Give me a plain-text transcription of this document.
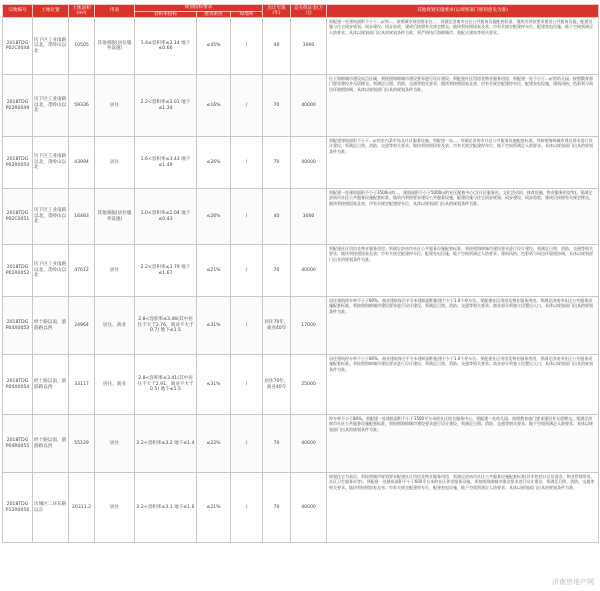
宗地编号	土地位置	土地面积(m²)	用途	规划指标要求			出让年限(年)	竞买保证金(万元)	其他规划实施要求(以规划部门规划意见为准)
				容积率指标	建筑密度	绿地率			
2018TDG P02C0048	历下区工业南路以北，茂岭山以北	10505	其他商服(居住服务设施)	1.4≤容积率≤2.14 地下≤0.66	≤45%	/	40	3000	须配建一处建筑面积不小于...㎡的...，按照城市规划要求在...，须满足济南市社区公共服务设施配套标准，地块内须按要求建设公共服务设施，配建设施与住宅同步规划、同步建设、同步验收，建成后按照有关规定移交。地块须按照国家及省、市有关规定配建停车位，配建充电设施，地下空间须满足人防要求，具体以规划部门出具的规划条件为准。须严格执行海绵城市、装配式建筑等相关要求。
2018TDG P02R0049	历下区工业南路以北，茂岭山以北	59336	居住	2.2<容积率≤3.01 地下≤1.34	≤16%	/	70	40000	位于海绵城市建设试点区域，须按照海绵城市建设要求进行设计建设。须配建社区用房及物业服务用房，须配建一处不小于...㎡的幼儿园，按照教育部门要求建设并无偿移交。须满足日照、消防、交通等相关要求，地块须按照国家及省、市有关规定配建停车位，配建充电设施。建筑风格、色彩须与周边环境相协调，具体以规划部门出具的规划条件为准。
2018TDG P02R0050	历下区工业南路以北，茂岭山以北	43994	居住	1.6<容积率≤3.43 地下≤1.49	≤26%	/	70	40000	须配建建筑面积不小于...㎡的室内菜市场及社区服务设施，须配建一处...，须满足济南市社区公共服务设施配套标准。须按照海绵城市建设要求进行设计建设，须满足日照、消防、交通等相关要求，地块须按照国家及省、市有关规定配建停车位，地下空间须满足人防要求。具体以规划部门出具的规划条件为准。
2018TDG P02C0051	历下区工业南路以北，茂岭山以北	16483	其他商服(居住服务设施)	1.0<容积率≤1.04 地下≤0.43	≤26%	/	40	3000	须配建一处建筑面积不小于3500㎡的...，建筑面积不小于5000㎡的社区配套中心(含社区服务站、文化活动站、体育设施、物业服务用房等)。须满足济南市社区公共服务设施配套标准，地块内须按要求建设公共服务设施，配建设施与住宅同步规划、同步建设、同步验收，建成后按照有关规定移交。地块须按照国家及省、市有关规定配建停车位，具体以规划部门出具的规划条件为准。
2018TDG P02R0052	历下区工业南路以北，茂岭山以北	47612	居住	2.2<容积率≤3.79 地下≤1.67	≤21%	/	70	40000	须配建社区用房及物业服务用房，须满足济南市社区公共服务设施配套标准。须按照海绵城市建设要求进行设计建设，须满足日照、消防、交通等相关要求，地块须按照国家及省、市有关规定配建停车位，配建充电设施，地下空间须满足人防要求。建筑风格、色彩须与周边环境相协调，具体以规划部门出具的规划条件为准。
2018TDG P04X0053	经十路以南，旅游路以西	24964	居住、商业	2.8<容积率≤3.46(其中居住不大于2.76，商业不大于0.7) 地下≤1.5	≤31%	/	居住70年，商业40年	17000	居住建筑停车率不小于80%，商业建筑每百平方米建筑面积配建不少于1.0个停车位。须配建社区用房及物业服务用房，须满足济南市社区公共服务设施配套标准。须按照海绵城市建设要求进行设计建设，须满足日照、消防、交通等相关要求。商业部分须独立设置出入口，具体以规划部门出具的规划条件为准。
2018TDG P04X0054	经十路以南，旅游路以西	33117	居住、商业	2.8<容积率≤3.41(其中居住不大于2.91，商业不大于0.5) 地下≤1.5	≤31%	/	居住70年，商业40年	25000	居住建筑停车率不小于80%，商业建筑每百平方米建筑面积配建不少于1.0个停车位。须配建社区用房及物业服务用房，须满足济南市社区公共服务设施配套标准。须按照海绵城市建设要求进行设计建设，须满足日照、消防、交通等相关要求。商业部分须独立设置出入口，具体以规划部门出具的规划条件为准。
2018TDG P04R0055	经十路以南，旅游路以西	55129	居住	2.2<容积率≤3.2 地下≤1.4	≤22%	/	70	40000	停车率不小于80%。须配建一处建筑面积不小于1500平方米的社区综合服务中心，须配建一处幼儿园，按照教育部门要求建设并无偿移交。须满足济南市社区公共服务设施配套标准，须按照海绵城市建设要求进行设计建设，须满足日照、消防、交通等相关要求，地下空间须满足人防要求，具体以规划部门出具的规划条件为准。
2018TDG P12R0056	历城区二环东路以东	20311.2	居住	2.2<容积率≤3.1 地下≤1.6	≤21%	/	70	40000	规划住宅为高层，须按照城市规划要求配建社区用房及物业服务用房，须满足济南市社区公共服务设施配套标准(其中包括社区居委会、物业管理用房、社区卫生服务站等)，须配建一处建筑面积不小于600平方米的社区养老服务设施，须按照海绵城市建设要求进行设计建设，须满足日照、消防、交通等相关要求。地块须按照国家及省、市有关规定配建停车位，配建充电设施，地下空间须满足人防要求，具体以规划部门出具的规划条件为准。
济南房地产网
